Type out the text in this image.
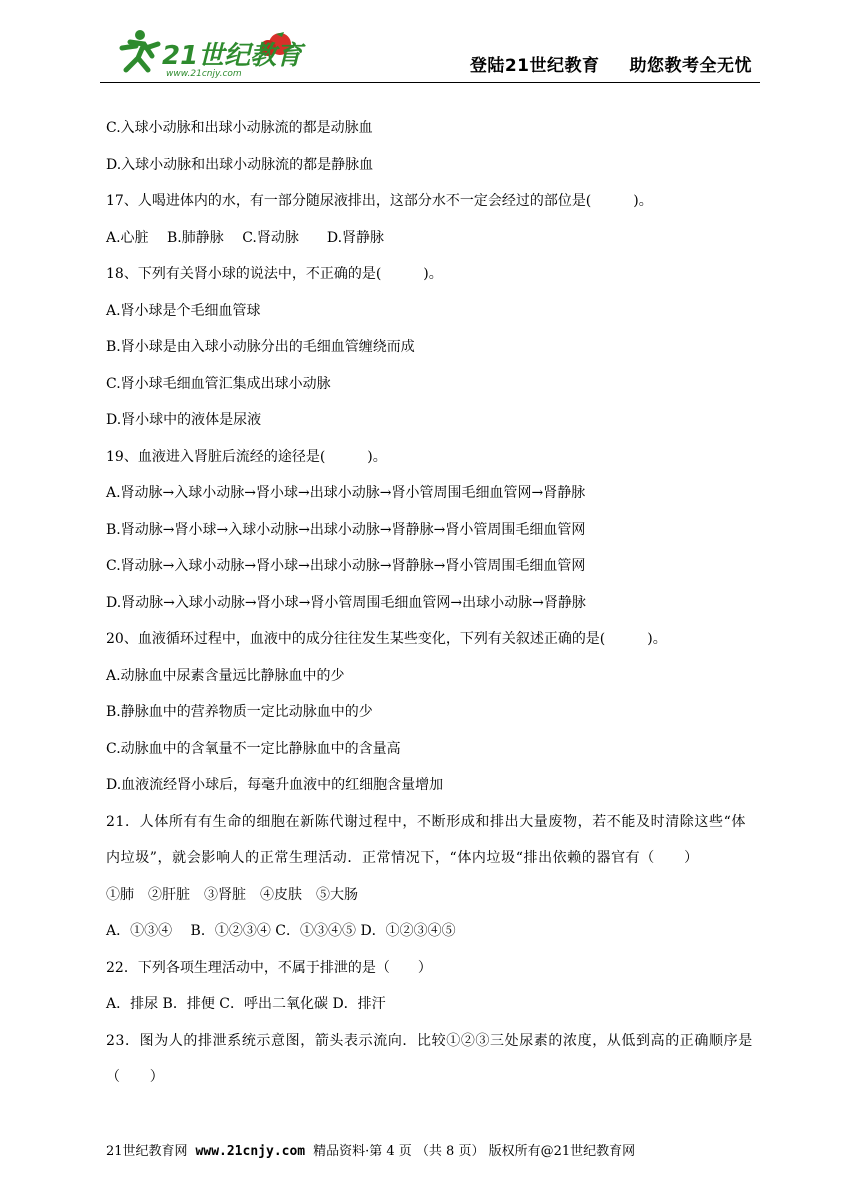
21世纪教育
www.21cnjy.com	登陆21世纪教育 助您教考全无忧
C.入球小动脉和出球小动脉流的都是动脉血
D.入球小动脉和出球小动脉流的都是静脉血
17、人喝进体内的水，有一部分随尿液排出，这部分水不一定会经过的部位是(　　　)。
A.心脏　 B.肺静脉　 C.肾动脉　　D.肾静脉
18、下列有关肾小球的说法中，不正确的是(　　　)。
A.肾小球是个毛细血管球
B.肾小球是由入球小动脉分出的毛细血管缠绕而成
C.肾小球毛细血管汇集成出球小动脉
D.肾小球中的液体是尿液
19、血液进入肾脏后流经的途径是(　　　)。
A.肾动脉→入球小动脉→肾小球→出球小动脉→肾小管周围毛细血管网→肾静脉
B.肾动脉→肾小球→入球小动脉→出球小动脉→肾静脉→肾小管周围毛细血管网
C.肾动脉→入球小动脉→肾小球→出球小动脉→肾静脉→肾小管周围毛细血管网
D.肾动脉→入球小动脉→肾小球→肾小管周围毛细血管网→出球小动脉→肾静脉
20、血液循环过程中，血液中的成分往往发生某些变化，下列有关叙述正确的是(　　　)。
A.动脉血中尿素含量远比静脉血中的少
B.静脉血中的营养物质一定比动脉血中的少
C.动脉血中的含氧量不一定比静脉血中的含量高
D.血液流经肾小球后，每毫升血液中的红细胞含量增加
21．人体所有有生命的细胞在新陈代谢过程中，不断形成和排出大量废物，若不能及时清除这些“体内垃圾”，就会影响人的正常生理活动．正常情况下，“体内垃圾“排出依赖的器官有（　　）
①肺　②肝脏　③肾脏　④皮肤　⑤大肠
A．①③④　 B．①②③④ C．①③④⑤ D．①②③④⑤
22．下列各项生理活动中，不属于排泄的是（　　）
A．排尿 B．排便 C．呼出二氧化碳 D．排汗
23．图为人的排泄系统示意图，箭头表示流向．比较①②③三处尿素的浓度，从低到高的正确顺序是（　　）
21世纪教育网 www.21cnjy.com 精品资料·第 4 页 （共 8 页） 版权所有@21世纪教育网
